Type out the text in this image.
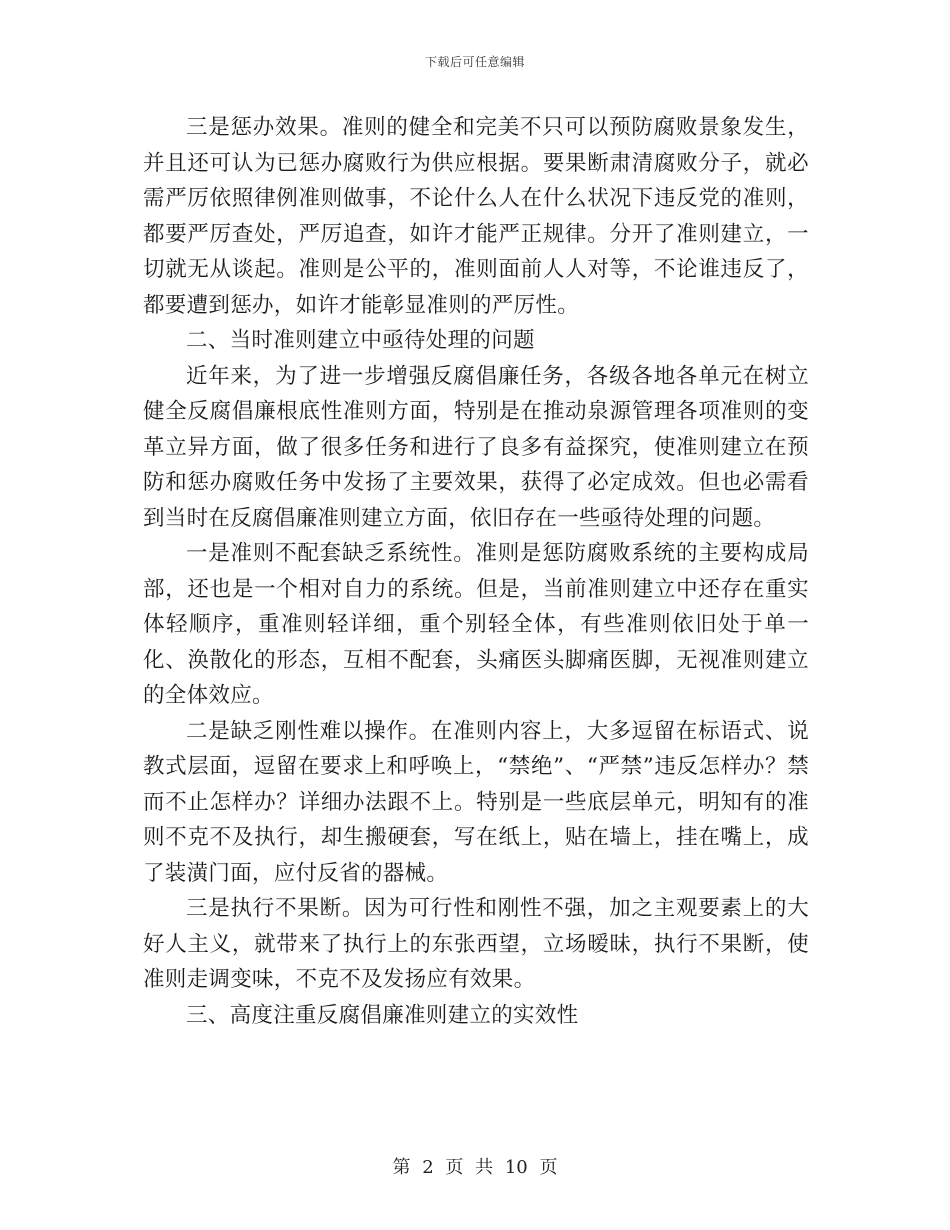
下载后可任意编辑

三是惩办效果。准则的健全和完美不只可以预防腐败景象发生，并且还可认为已惩办腐败行为供应根据。要果断肃清腐败分子，就必需严厉依照律例准则做事，不论什么人在什么状况下违反党的准则，都要严厉查处，严厉追查，如许才能严正规律。分开了准则建立，一切就无从谈起。准则是公平的，准则面前人人对等，不论谁违反了，都要遭到惩办，如许才能彰显准则的严厉性。

二、当时准则建立中亟待处理的问题

近年来，为了进一步增强反腐倡廉任务，各级各地各单元在树立健全反腐倡廉根底性准则方面，特别是在推动泉源管理各项准则的变革立异方面，做了很多任务和进行了良多有益探究，使准则建立在预防和惩办腐败任务中发扬了主要效果，获得了必定成效。但也必需看到当时在反腐倡廉准则建立方面，依旧存在一些亟待处理的问题。

一是准则不配套缺乏系统性。准则是惩防腐败系统的主要构成局部，还也是一个相对自力的系统。但是，当前准则建立中还存在重实体轻顺序，重准则轻详细，重个别轻全体，有些准则依旧处于单一化、涣散化的形态，互相不配套，头痛医头脚痛医脚，无视准则建立的全体效应。

二是缺乏刚性难以操作。在准则内容上，大多逗留在标语式、说教式层面，逗留在要求上和呼唤上，“禁绝”、“严禁”违反怎样办？禁而不止怎样办？详细办法跟不上。特别是一些底层单元，明知有的准则不克不及执行，却生搬硬套，写在纸上，贴在墙上，挂在嘴上，成了装潢门面，应付反省的器械。

三是执行不果断。因为可行性和刚性不强，加之主观要素上的大好人主义，就带来了执行上的东张西望，立场暧昧，执行不果断，使准则走调变味，不克不及发扬应有效果。

三、高度注重反腐倡廉准则建立的实效性

第 2 页 共 10 页
